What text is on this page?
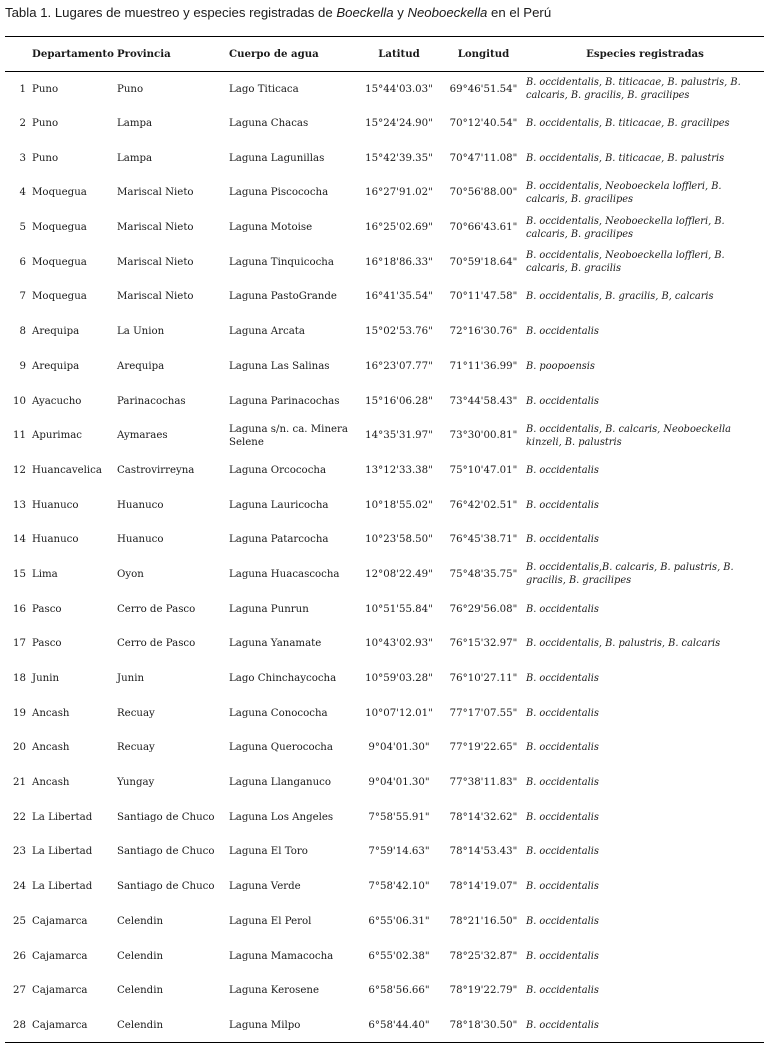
Tabla 1. Lugares de muestreo y especies registradas de Boeckella y Neoboeckella en el Perú
	Departamento	Provincia	Cuerpo de agua	Latitud	Longitud	Especies registradas
1	Puno	Puno	Lago Titicaca	15°44'03.03"	69°46'51.54"	B. occidentalis, B. titicacae, B. palustris, B. calcaris, B. gracilis, B. gracilipes
2	Puno	Lampa	Laguna Chacas	15°24'24.90"	70°12'40.54"	B. occidentalis, B. titicacae, B. gracilipes
3	Puno	Lampa	Laguna Lagunillas	15°42'39.35"	70°47'11.08"	B. occidentalis, B. titicacae, B. palustris
4	Moquegua	Mariscal Nieto	Laguna Piscococha	16°27'91.02"	70°56'88.00"	B. occidentalis, Neoboeckela loffleri, B. calcaris, B. gracilipes
5	Moquegua	Mariscal Nieto	Laguna Motoise	16°25'02.69"	70°66'43.61"	B. occidentalis, Neoboeckella loffleri, B. calcaris, B. gracilipes
6	Moquegua	Mariscal Nieto	Laguna Tinquicocha	16°18'86.33"	70°59'18.64"	B. occidentalis, Neoboeckella loffleri, B. calcaris, B. gracilis
7	Moquegua	Mariscal Nieto	Laguna PastoGrande	16°41'35.54"	70°11'47.58"	B. occidentalis, B. gracilis, B, calcaris
8	Arequipa	La Union	Laguna Arcata	15°02'53.76"	72°16'30.76"	B. occidentalis
9	Arequipa	Arequipa	Laguna Las Salinas	16°23'07.77"	71°11'36.99"	B. poopoensis
10	Ayacucho	Parinacochas	Laguna Parinacochas	15°16'06.28"	73°44'58.43"	B. occidentalis
11	Apurimac	Aymaraes	Laguna s/n. ca. Minera Selene	14°35'31.97"	73°30'00.81"	B. occidentalis, B. calcaris, Neoboeckella kinzeli, B. palustris
12	Huancavelica	Castrovirreyna	Laguna Orcococha	13°12'33.38"	75°10'47.01"	B. occidentalis
13	Huanuco	Huanuco	Laguna Lauricocha	10°18'55.02"	76°42'02.51"	B. occidentalis
14	Huanuco	Huanuco	Laguna Patarcocha	10°23'58.50"	76°45'38.71"	B. occidentalis
15	Lima	Oyon	Laguna Huacascocha	12°08'22.49"	75°48'35.75"	B. occidentalis,B. calcaris, B. palustris, B. gracilis, B. gracilipes
16	Pasco	Cerro de Pasco	Laguna Punrun	10°51'55.84"	76°29'56.08"	B. occidentalis
17	Pasco	Cerro de Pasco	Laguna Yanamate	10°43'02.93"	76°15'32.97"	B. occidentalis, B. palustris, B. calcaris
18	Junin	Junin	Lago Chinchaycocha	10°59'03.28"	76°10'27.11"	B. occidentalis
19	Ancash	Recuay	Laguna Conococha	10°07'12.01"	77°17'07.55"	B. occidentalis
20	Ancash	Recuay	Laguna Querococha	9°04'01.30"	77°19'22.65"	B. occidentalis
21	Ancash	Yungay	Laguna Llanganuco	9°04'01.30"	77°38'11.83"	B. occidentalis
22	La Libertad	Santiago de Chuco	Laguna Los Angeles	7°58'55.91"	78°14'32.62"	B. occidentalis
23	La Libertad	Santiago de Chuco	Laguna El Toro	7°59'14.63"	78°14'53.43"	B. occidentalis
24	La Libertad	Santiago de Chuco	Laguna Verde	7°58'42.10"	78°14'19.07"	B. occidentalis
25	Cajamarca	Celendin	Laguna El Perol	6°55'06.31"	78°21'16.50"	B. occidentalis
26	Cajamarca	Celendin	Laguna Mamacocha	6°55'02.38"	78°25'32.87"	B. occidentalis
27	Cajamarca	Celendin	Laguna Kerosene	6°58'56.66"	78°19'22.79"	B. occidentalis
28	Cajamarca	Celendin	Laguna Milpo	6°58'44.40"	78°18'30.50"	B. occidentalis
